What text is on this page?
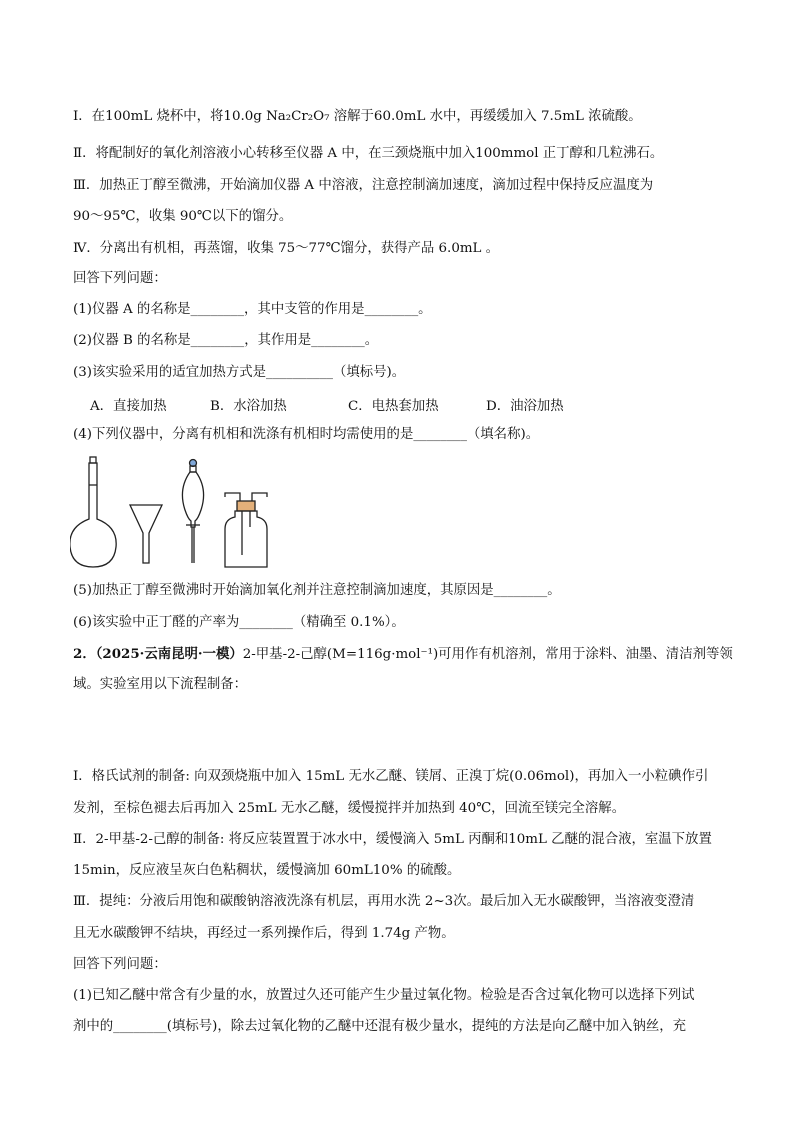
Ⅰ．在100mL 烧杯中，将10.0g Na₂Cr₂O₇ 溶解于60.0mL 水中，再缓缓加入 7.5mL 浓硫酸。
Ⅱ．将配制好的氧化剂溶液小心转移至仪器 A 中，在三颈烧瓶中加入100mmol 正丁醇和几粒沸石。
Ⅲ．加热正丁醇至微沸，开始滴加仪器 A 中溶液，注意控制滴加速度，滴加过程中保持反应温度为
90～95℃，收集 90℃以下的馏分。
Ⅳ．分离出有机相，再蒸馏，收集 75～77℃馏分，获得产品 6.0mL 。
回答下列问题：
(1)仪器 A 的名称是________，其中支管的作用是________。
(2)仪器 B 的名称是________，其作用是________。
(3)该实验采用的适宜加热方式是__________（填标号)。
A．直接加热	B．水浴加热	C．电热套加热	D．油浴加热
(4)下列仪器中，分离有机相和洗涤有机相时均需使用的是________（填名称)。
(5)加热正丁醇至微沸时开始滴加氧化剂并注意控制滴加速度，其原因是________。
(6)该实验中正丁醛的产率为________（精确至 0.1%）。
2．（2025·云南昆明·一模）2-甲基-2-己醇(M=116g·mol⁻¹)可用作有机溶剂，常用于涂料、油墨、清洁剂等领
域。实验室用以下流程制备：
Ⅰ．格氏试剂的制备: 向双颈烧瓶中加入 15mL 无水乙醚、镁屑、正溴丁烷(0.06mol)，再加入一小粒碘作引
发剂，至棕色褪去后再加入 25mL 无水乙醚，缓慢搅拌并加热到 40℃，回流至镁完全溶解。
Ⅱ．2-甲基-2-己醇的制备: 将反应装置置于冰水中，缓慢滴入 5mL 丙酮和10mL 乙醚的混合液，室温下放置
15min，反应液呈灰白色粘稠状，缓慢滴加 60mL10% 的硫酸。
Ⅲ．提纯：分液后用饱和碳酸钠溶液洗涤有机层，再用水洗 2~3次。最后加入无水碳酸钾，当溶液变澄清
且无水碳酸钾不结块，再经过一系列操作后，得到 1.74g 产物。
回答下列问题：
(1)已知乙醚中常含有少量的水，放置过久还可能产生少量过氧化物。检验是否含过氧化物可以选择下列试
剂中的________(填标号)，除去过氧化物的乙醚中还混有极少量水，提纯的方法是向乙醚中加入钠丝，充
